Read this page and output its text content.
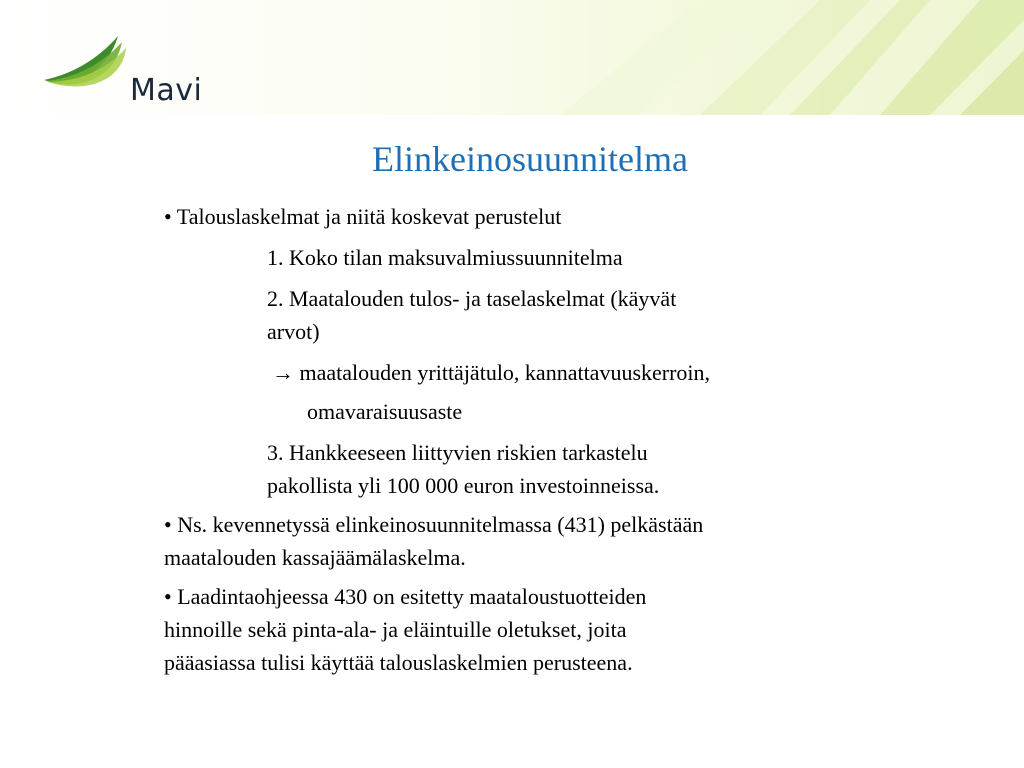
Mavi
Elinkeinosuunnitelma

• Talouslaskelmat ja niitä koskevat perustelut

1. Koko tilan maksuvalmiussuunnitelma

2. Maatalouden tulos- ja taselaskelmat (käyvät
arvot)

→ maatalouden yrittäjätulo, kannattavuuskerroin,

omavaraisuusaste

3. Hankkeeseen liittyvien riskien tarkastelu
pakollista yli 100 000 euron investoinneissa.
• Ns. kevennetyssä elinkeinosuunnitelmassa (431) pelkästään
maatalouden kassajäämälaskelma.
• Laadintaohjeessa 430 on esitetty maataloustuotteiden
hinnoille sekä pinta-ala- ja eläintuille oletukset, joita
pääasiassa tulisi käyttää talouslaskelmien perusteena.
